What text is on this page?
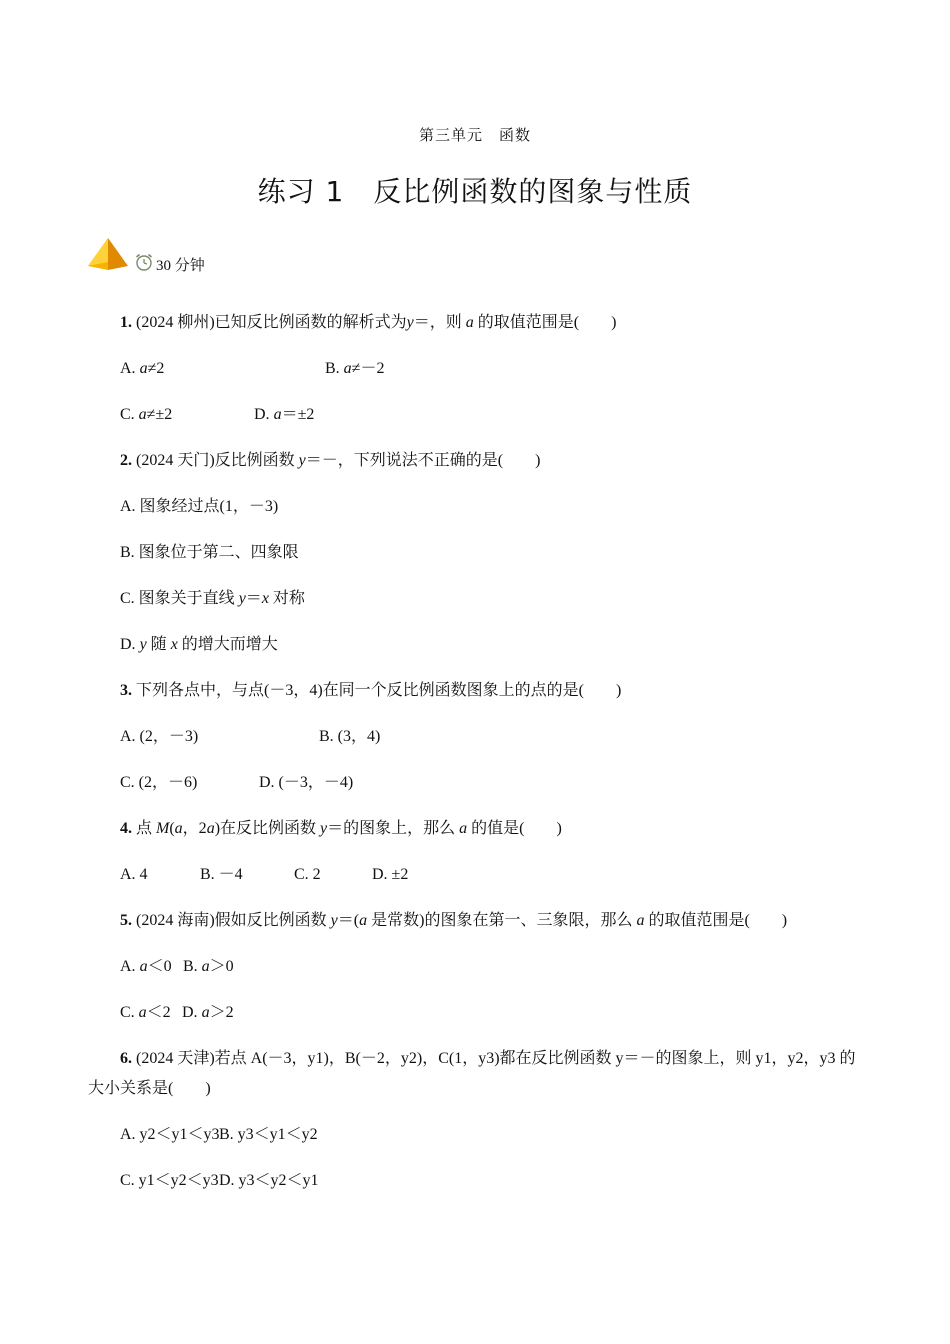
第三单元　函数
练习 1　反比例函数的图象与性质
30 分钟
1. (2024 柳州)已知反比例函数的解析式为y＝，则 a 的取值范围是(　　)
A. a≠2	B. a≠－2
C. a≠±2	D. a＝±2
2. (2024 天门)反比例函数 y＝－，下列说法不正确的是(　　)
A. 图象经过点(1，－3)
B. 图象位于第二、四象限
C. 图象关于直线 y＝x 对称
D. y 随 x 的增大而增大
3. 下列各点中，与点(－3，4)在同一个反比例函数图象上的点的是(　　)
A. (2，－3)	B. (3，4)
C. (2，－6)	D. (－3，－4)
4. 点 M(a，2a)在反比例函数 y＝的图象上，那么 a 的值是(　　)
A. 4	B. －4	C. 2	D. ±2
5. (2024 海南)假如反比例函数 y＝(a 是常数)的图象在第一、三象限，那么 a 的取值范围是(　　)
A. a＜0 B. a＞0
C. a＜2 D. a＞2
6. (2024 天津)若点 A(－3，y1)，B(－2，y2)，C(1，y3)都在反比例函数 y＝－的图象上，则 y1，y2，y3 的
大小关系是(　　)
A. y2＜y1＜y3 B. y3＜y1＜y2
C. y1＜y2＜y3 D. y3＜y2＜y1
